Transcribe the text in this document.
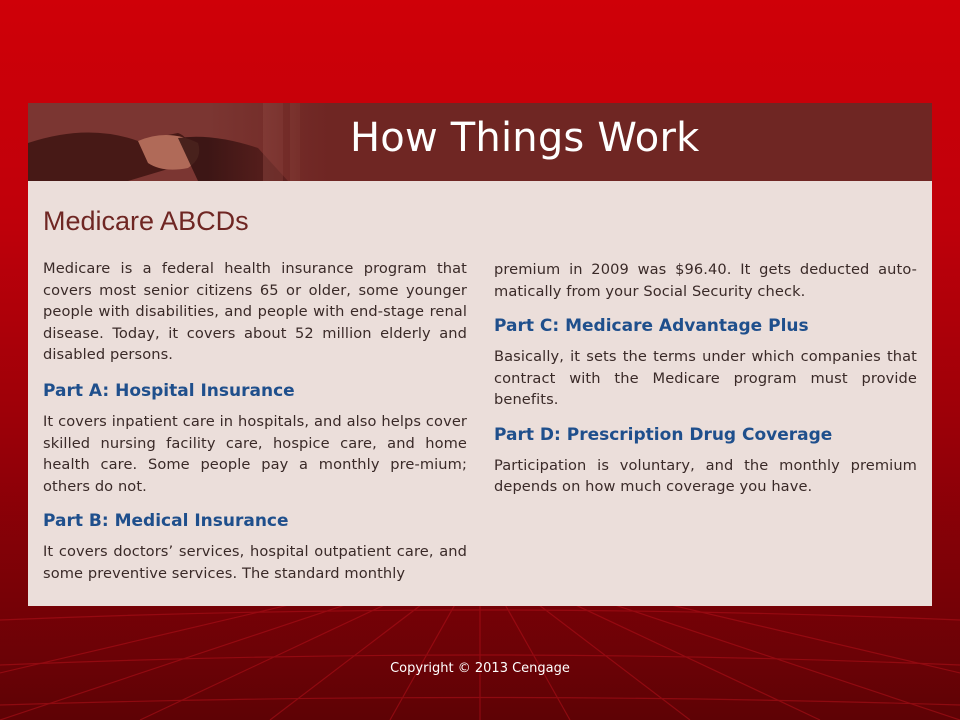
How Things Work
Medicare ABCDs

Medicare is a federal health insurance program that covers most senior citizens 65 or older, some younger people with disabilities, and people with end-stage renal disease. Today, it covers about 52 million elderly and disabled persons.

Part A: Hospital Insurance

It covers inpatient care in hospitals, and also helps cover skilled nursing facility care, hospice care, and home health care. Some people pay a monthly pre-mium; others do not.

Part B: Medical Insurance

It covers doctors’ services, hospital outpatient care, and some preventive services. The standard monthly

premium in 2009 was $96.40. It gets deducted auto-matically from your Social Security check.

Part C: Medicare Advantage Plus

Basically, it sets the terms under which companies that contract with the Medicare program must provide benefits.

Part D: Prescription Drug Coverage

Participation is voluntary, and the monthly premium depends on how much coverage you have.

Copyright © 2013 Cengage
